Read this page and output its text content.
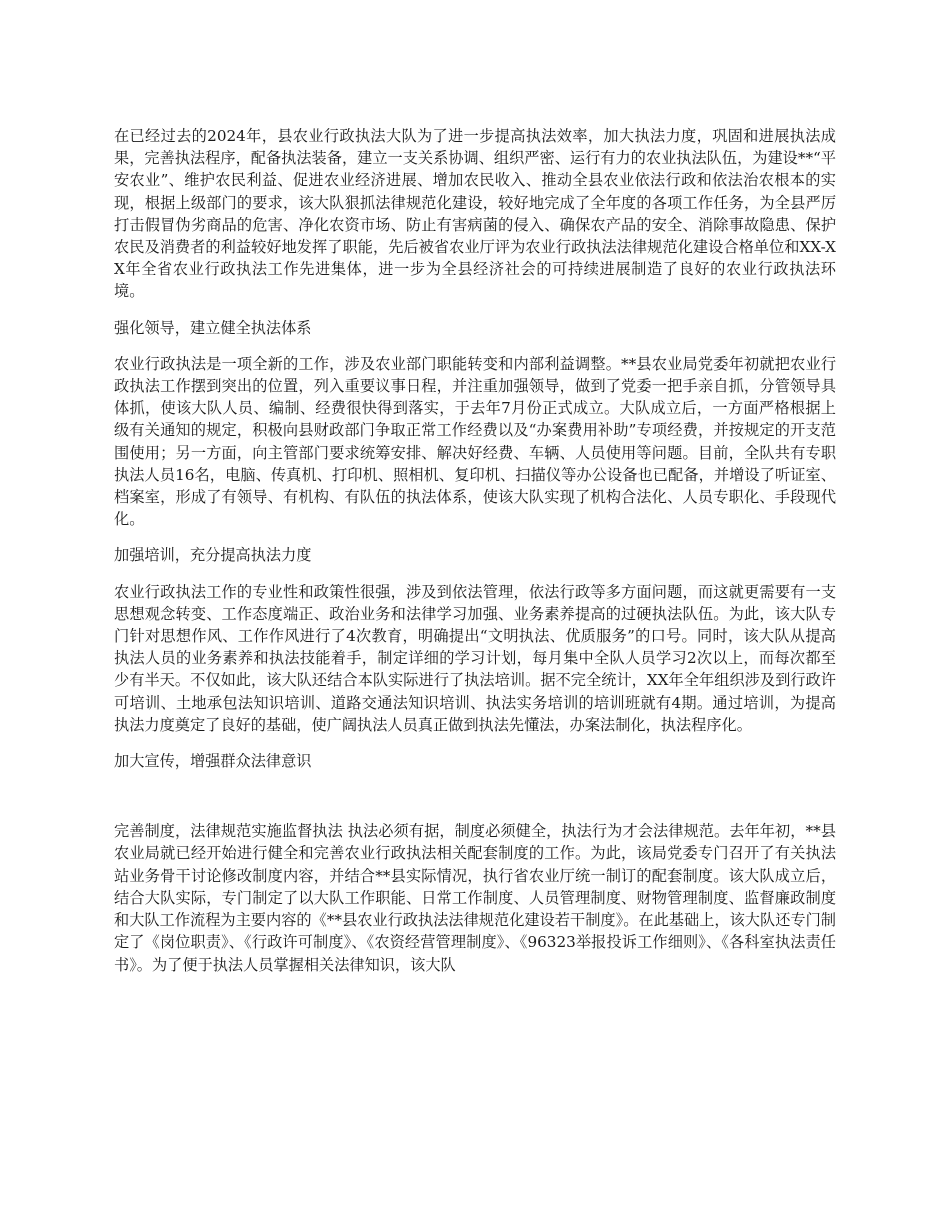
在已经过去的2024年，县农业行政执法大队为了进一步提高执法效率，加大执法力度，巩固和进展执法成果，完善执法程序，配备执法装备，建立一支关系协调、组织严密、运行有力的农业执法队伍，为建设**“平安农业”、维护农民利益、促进农业经济进展、增加农民收入、推动全县农业依法行政和依法治农根本的实现，根据上级部门的要求，该大队狠抓法律规范化建设，较好地完成了全年度的各项工作任务，为全县严厉打击假冒伪劣商品的危害、净化农资市场、防止有害病菌的侵入、确保农产品的安全、消除事故隐患、保护农民及消费者的利益较好地发挥了职能，先后被省农业厅评为农业行政执法法律规范化建设合格单位和XX-XX年全省农业行政执法工作先进集体，进一步为全县经济社会的可持续进展制造了良好的农业行政执法环境。

强化领导，建立健全执法体系

农业行政执法是一项全新的工作，涉及农业部门职能转变和内部利益调整。**县农业局党委年初就把农业行政执法工作摆到突出的位置，列入重要议事日程，并注重加强领导，做到了党委一把手亲自抓，分管领导具体抓，使该大队人员、编制、经费很快得到落实，于去年7月份正式成立。大队成立后，一方面严格根据上级有关通知的规定，积极向县财政部门争取正常工作经费以及“办案费用补助”专项经费，并按规定的开支范围使用；另一方面，向主管部门要求统筹安排、解决好经费、车辆、人员使用等问题。目前，全队共有专职执法人员16名，电脑、传真机、打印机、照相机、复印机、扫描仪等办公设备也已配备，并增设了听证室、档案室，形成了有领导、有机构、有队伍的执法体系，使该大队实现了机构合法化、人员专职化、手段现代化。

加强培训，充分提高执法力度

农业行政执法工作的专业性和政策性很强，涉及到依法管理，依法行政等多方面问题，而这就更需要有一支思想观念转变、工作态度端正、政治业务和法律学习加强、业务素养提高的过硬执法队伍。为此，该大队专门针对思想作风、工作作风进行了4次教育，明确提出“文明执法、优质服务”的口号。同时，该大队从提高执法人员的业务素养和执法技能着手，制定详细的学习计划，每月集中全队人员学习2次以上，而每次都至少有半天。不仅如此，该大队还结合本队实际进行了执法培训。据不完全统计，XX年全年组织涉及到行政许可培训、土地承包法知识培训、道路交通法知识培训、执法实务培训的培训班就有4期。通过培训，为提高执法力度奠定了良好的基础，使广阔执法人员真正做到执法先懂法，办案法制化，执法程序化。

加大宣传，增强群众法律意识

完善制度，法律规范实施监督执法 执法必须有据，制度必须健全，执法行为才会法律规范。去年年初，**县农业局就已经开始进行健全和完善农业行政执法相关配套制度的工作。为此，该局党委专门召开了有关执法站业务骨干讨论修改制度内容，并结合**县实际情况，执行省农业厅统一制订的配套制度。该大队成立后，结合大队实际，专门制定了以大队工作职能、日常工作制度、人员管理制度、财物管理制度、监督廉政制度和大队工作流程为主要内容的《**县农业行政执法法律规范化建设若干制度》。在此基础上，该大队还专门制定了《岗位职责》、《行政许可制度》、《农资经营管理制度》、《96323举报投诉工作细则》、《各科室执法责任书》。为了便于执法人员掌握相关法律知识，该大队
